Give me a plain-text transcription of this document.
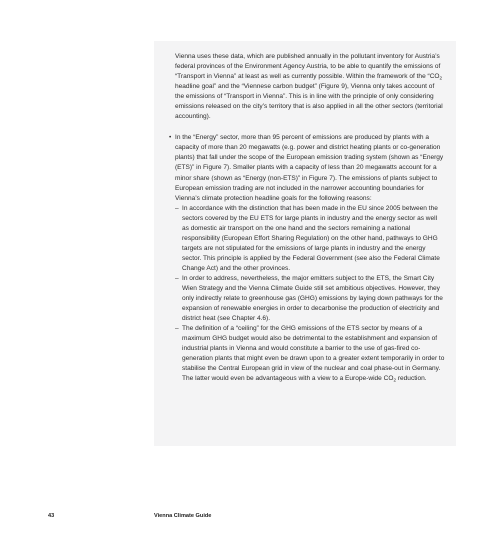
Vienna uses these data, which are published annually in the pollutant inventory for Austria’s federal provinces of the Environment Agency Austria, to be able to quantify the emissions of “Transport in Vienna” at least as well as currently possible. Within the framework of the “$CO_2$ headline goal” and the “Viennese carbon budget” (Figure 9), Vienna only takes account of the emissions of “Transport in Vienna”. This is in line with the principle of only considering emissions released on the city’s territory that is also applied in all the other sectors (territorial accounting).

• In the “Energy” sector, more than 95 percent of emissions are produced by plants with a capacity of more than 20 megawatts (e.g. power and district heating plants or co-generation plants) that fall under the scope of the European emission trading system (shown as “Energy (ETS)” in Figure 7). Smaller plants with a capacity of less than 20 megawatts account for a minor share (shown as “Energy (non-ETS)” in Figure 7). The emissions of plants subject to European emission trading are not included in the narrower accounting boundaries for Vienna’s climate protection headline goals for the following reasons:

– In accordance with the distinction that has been made in the EU since 2005 between the sectors covered by the EU ETS for large plants in industry and the energy sector as well as domestic air transport on the one hand and the sectors remaining a national responsibility (European Effort Sharing Regulation) on the other hand, pathways to GHG targets are not stipulated for the emissions of large plants in industry and the energy sector. This principle is applied by the Federal Government (see also the Federal Climate Change Act) and the other provinces.

– In order to address, nevertheless, the major emitters subject to the ETS, the Smart City Wien Strategy and the Vienna Climate Guide still set ambitious objectives. However, they only indirectly relate to greenhouse gas (GHG) emissions by laying down pathways for the expansion of renewable energies in order to decarbonise the production of electricity and district heat (see Chapter 4.6).

– The definition of a “ceiling” for the GHG emissions of the ETS sector by means of a maximum GHG budget would also be detrimental to the establishment and expansion of industrial plants in Vienna and would constitute a barrier to the use of gas-fired co-generation plants that might even be drawn upon to a greater extent temporarily in order to stabilise the Central European grid in view of the nuclear and coal phase-out in Germany. The latter would even be advantageous with a view to a Europe-wide $CO_2$ reduction.

43	Vienna Climate Guide
